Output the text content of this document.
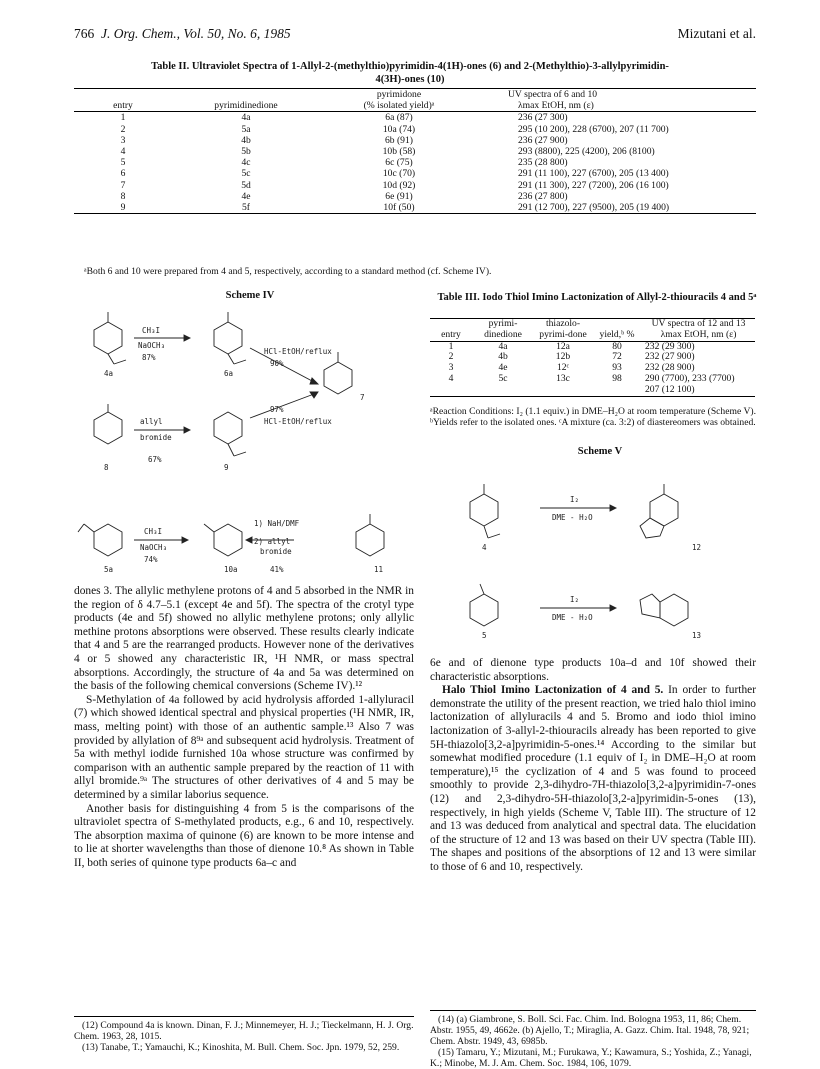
766 J. Org. Chem., Vol. 50, No. 6, 1985	Mizutani et al.
Table II. Ultraviolet Spectra of 1-Allyl-2-(methylthio)pyrimidin-4(1H)-ones (6) and 2-(Methylthio)-3-allylpyrimidin-4(3H)-ones (10)
		pyrimidone	UV spectra of 6 and 10
entry	pyrimidinedione	(% isolated yield)ᵃ	λmax EtOH, nm (ε)
1	4a	6a (87)	236 (27 300)
2	5a	10a (74)	295 (10 200), 228 (6700), 207 (11 700)
3	4b	6b (91)	236 (27 900)
4	5b	10b (58)	293 (8800), 225 (4200), 206 (8100)
5	4c	6c (75)	235 (28 800)
6	5c	10c (70)	291 (11 100), 227 (6700), 205 (13 400)
7	5d	10d (92)	291 (11 300), 227 (7200), 206 (16 100)
8	4e	6e (91)	236 (27 800)
9	5f	10f (50)	291 (12 700), 227 (9500), 205 (19 400)
ᵃBoth 6 and 10 were prepared from 4 and 5, respectively, according to a standard method (cf. Scheme IV).
Scheme IV
CH₃I
NaOCH₃
87%
HCl-EtOH/reflux
90%
97%
HCl-EtOH/reflux
allyl
bromide
67%
CH₃I
NaOCH₃
74%
1) NaH/DMF
2) allyl
bromide
41%
4a	6a
7
8	9
5a	10a	11
Table III. Iodo Thiol Imino Lactonization of Allyl-2-thiouracils 4 and 5ᵃ
entry	pyrimi-dinedione	thiazolo-pyrimi-done	yield,ᵇ %	UV spectra of 12 and 13 λmax EtOH, nm (ε)
1	4a	12a	80	232 (29 300)
2	4b	12b	72	232 (27 900)
3	4e	12ᶜ	93	232 (28 900)
4	5c	13c	98	290 (7700), 233 (7700)
				207 (12 100)
ᵃReaction Conditions: I₂ (1.1 equiv.) in DME–H₂O at room temperature (Scheme V). ᵇYields refer to the isolated ones. ᶜA mixture (ca. 3:2) of diastereomers was obtained.
Scheme V
I₂
DME - H₂O
I₂
DME - H₂O
4	12
5	13

dones 3. The allylic methylene protons of 4 and 5 absorbed in the NMR in the region of δ 4.7–5.1 (except 4e and 5f). The spectra of the crotyl type products (4e and 5f) showed no allylic methylene protons; only allylic methine protons absorptions were observed. These results clearly indicate that 4 and 5 are the rearranged products. However none of the derivatives 4 or 5 showed any characteristic IR, ¹H NMR, or mass spectral absorptions. Accordingly, the structure of 4a and 5a was determined on the basis of the following chemical conversions (Scheme IV).¹²

S-Methylation of 4a followed by acid hydrolysis afforded 1-allyluracil (7) which showed identical spectral and physical properties (¹H NMR, IR, mass, melting point) with those of an authentic sample.¹³ Also 7 was provided by allylation of 8⁹ᵃ and subsequent acid hydrolysis. Treatment of 5a with methyl iodide furnished 10a whose structure was confirmed by comparison with an authentic sample prepared by the reaction of 11 with allyl bromide.⁹ᵃ The structures of other derivatives of 4 and 5 may be determined by a similar laborius sequence.

Another basis for distinguishing 4 from 5 is the comparisons of the ultraviolet spectra of S-methylated products, e.g., 6 and 10, respectively. The absorption maxima of quinone (6) are known to be more intense and to lie at shorter wavelengths than those of dienone 10.⁸ As shown in Table II, both series of quinone type products 6a–c and

6e and of dienone type products 10a–d and 10f showed their characteristic absorptions.

Halo Thiol Imino Lactonization of 4 and 5. In order to further demonstrate the utility of the present reaction, we tried halo thiol imino lactonization of allyluracils 4 and 5. Bromo and iodo thiol imino lactonization of 3-allyl-2-thiouracils already has been reported to give 5H-thiazolo[3,2-a]pyrimidin-5-ones.¹⁴ According to the similar but somewhat modified procedure (1.1 equiv of I₂ in DME–H₂O at room temperature),¹⁵ the cyclization of 4 and 5 was found to proceed smoothly to provide 2,3-dihydro-7H-thiazolo[3,2-a]pyrimidin-7-ones (12) and 2,3-dihydro-5H-thiazolo[3,2-a]pyrimidin-5-ones (13), respectively, in high yields (Scheme V, Table III). The structure of 12 and 13 was deduced from analytical and spectral data. The elucidation of the structure of 12 and 13 was based on their UV spectra (Table III). The shapes and positions of the absorptions of 12 and 13 were similar to those of 6 and 10, respectively.

(12) Compound 4a is known. Dinan, F. J.; Minnemeyer, H. J.; Tieckelmann, H. J. Org. Chem. 1963, 28, 1015.

(13) Tanabe, T.; Yamauchi, K.; Kinoshita, M. Bull. Chem. Soc. Jpn. 1979, 52, 259.

(14) (a) Giambrone, S. Boll. Sci. Fac. Chim. Ind. Bologna 1953, 11, 86; Chem. Abstr. 1955, 49, 4662e. (b) Ajello, T.; Miraglia, A. Gazz. Chim. Ital. 1948, 78, 921; Chem. Abstr. 1949, 43, 6985b.

(15) Tamaru, Y.; Mizutani, M.; Furukawa, Y.; Kawamura, S.; Yoshida, Z.; Yanagi, K.; Minobe, M. J. Am. Chem. Soc. 1984, 106, 1079.
